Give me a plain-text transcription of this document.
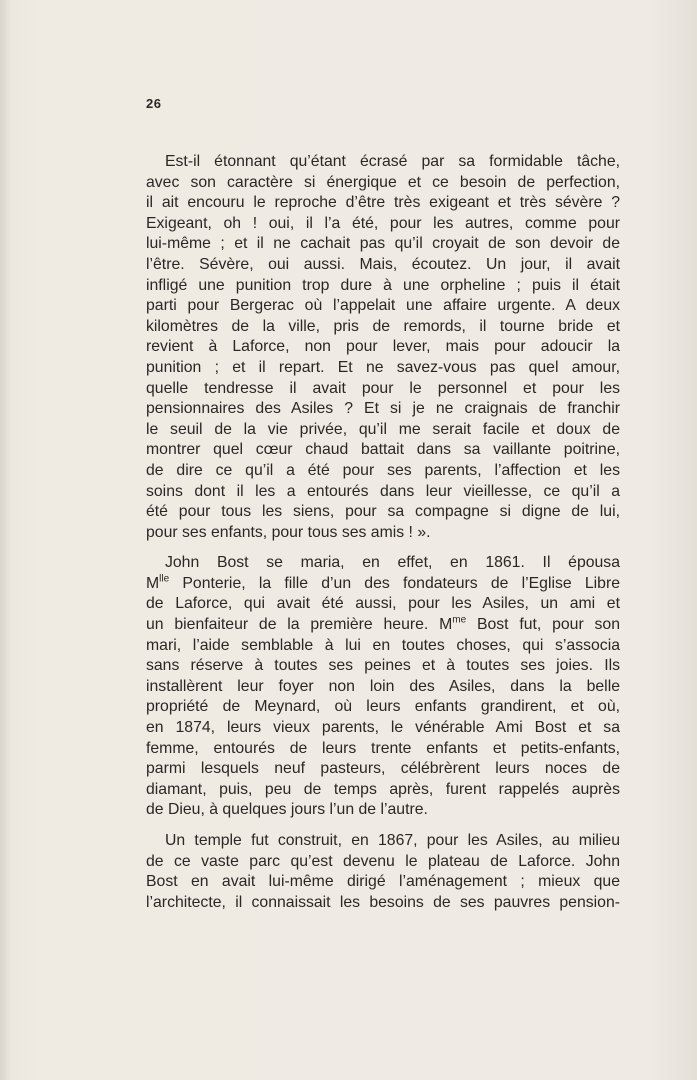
26
Est-il étonnant qu’étant écrasé par sa formidable tâche,
avec son caractère si énergique et ce besoin de perfection,
il ait encouru le reproche d’être très exigeant et très sévère ?
Exigeant, oh ! oui, il l’a été, pour les autres, comme pour
lui-même ; et il ne cachait pas qu’il croyait de son devoir de
l’être. Sévère, oui aussi. Mais, écoutez. Un jour, il avait
infligé une punition trop dure à une orpheline ; puis il était
parti pour Bergerac où l’appelait une affaire urgente. A deux
kilomètres de la ville, pris de remords, il tourne bride et
revient à Laforce, non pour lever, mais pour adoucir la
punition ; et il repart. Et ne savez-vous pas quel amour,
quelle tendresse il avait pour le personnel et pour les
pensionnaires des Asiles ? Et si je ne craignais de franchir
le seuil de la vie privée, qu’il me serait facile et doux de
montrer quel cœur chaud battait dans sa vaillante poitrine,
de dire ce qu’il a été pour ses parents, l’affection et les
soins dont il les a entourés dans leur vieillesse, ce qu’il a
été pour tous les siens, pour sa compagne si digne de lui,
pour ses enfants, pour tous ses amis ! ».
John Bost se maria, en effet, en 1861. Il épousa
$M^{lle}$ Ponterie, la fille d’un des fondateurs de l’Eglise Libre
de Laforce, qui avait été aussi, pour les Asiles, un ami et
un bienfaiteur de la première heure. $M^{me}$ Bost fut, pour son
mari, l’aide semblable à lui en toutes choses, qui s’associa
sans réserve à toutes ses peines et à toutes ses joies. Ils
installèrent leur foyer non loin des Asiles, dans la belle
propriété de Meynard, où leurs enfants grandirent, et où,
en 1874, leurs vieux parents, le vénérable Ami Bost et sa
femme, entourés de leurs trente enfants et petits-enfants,
parmi lesquels neuf pasteurs, célébrèrent leurs noces de
diamant, puis, peu de temps après, furent rappelés auprès
de Dieu, à quelques jours l’un de l’autre.
Un temple fut construit, en 1867, pour les Asiles, au milieu
de ce vaste parc qu’est devenu le plateau de Laforce. John
Bost en avait lui-même dirigé l’aménagement ; mieux que
l’architecte, il connaissait les besoins de ses pauvres pension-
